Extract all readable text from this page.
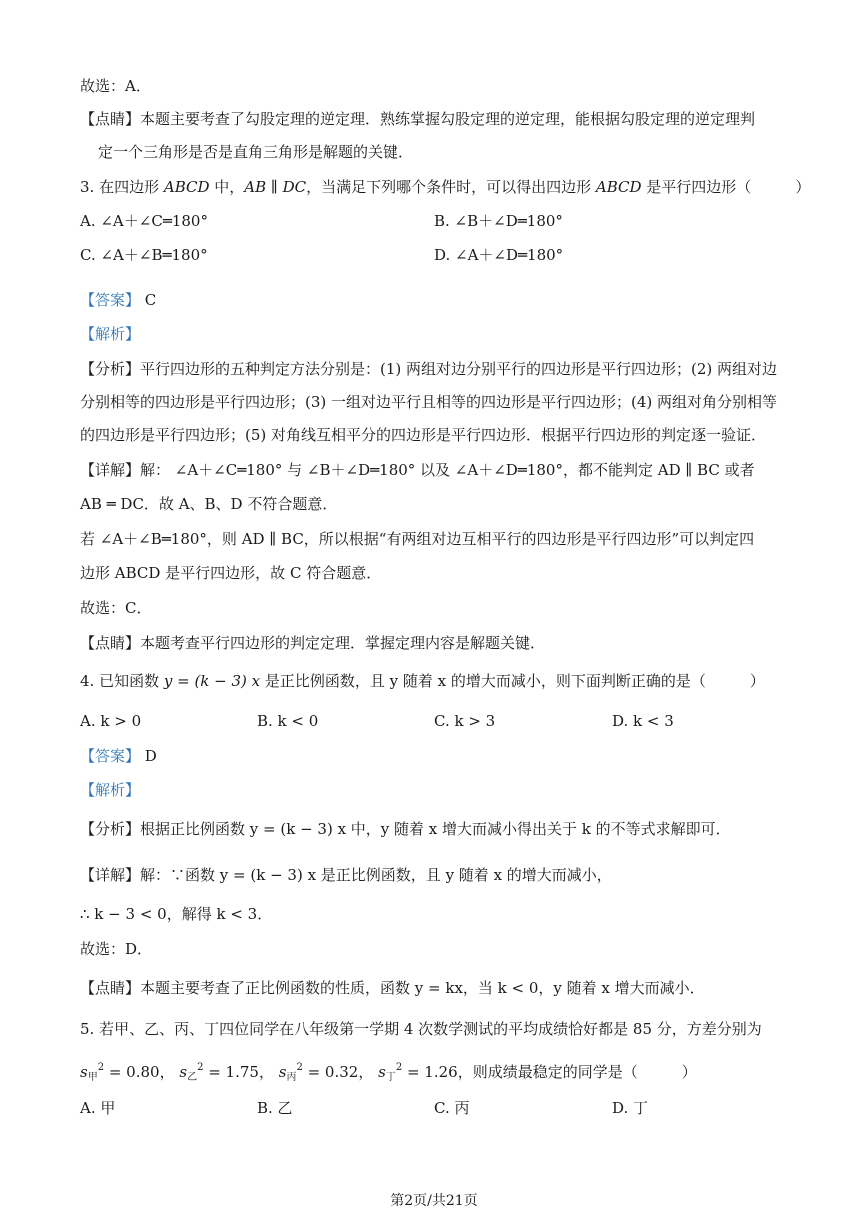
故选：A．
【点睛】本题主要考查了勾股定理的逆定理．熟练掌握勾股定理的逆定理，能根据勾股定理的逆定理判
定一个三角形是否是直角三角形是解题的关键．
3. 在四边形 ABCD 中，AB ∥ DC，当满足下列哪个条件时，可以得出四边形 ABCD 是平行四边形（	）
A. ∠A＋∠C═180°	B. ∠B＋∠D═180°
C. ∠A＋∠B═180°	D. ∠A＋∠D═180°
【答案】 C
【解析】
【分析】平行四边形的五种判定方法分别是：(1) 两组对边分别平行的四边形是平行四边形；(2) 两组对边
分别相等的四边形是平行四边形；(3) 一组对边平行且相等的四边形是平行四边形；(4) 两组对角分别相等
的四边形是平行四边形；(5) 对角线互相平分的四边形是平行四边形．根据平行四边形的判定逐一验证．
【详解】解： ∠A＋∠C═180° 与 ∠B＋∠D═180° 以及 ∠A＋∠D═180°，都不能判定 AD ∥ BC 或者
AB ═ DC．故 A、B、D 不符合题意．
若 ∠A＋∠B═180°，则 AD ∥ BC，所以根据“有两组对边互相平行的四边形是平行四边形”可以判定四
边形 ABCD 是平行四边形，故 C 符合题意．
故选：C．
【点睛】本题考查平行四边形的判定定理．掌握定理内容是解题关键．
4. 已知函数 y = (k − 3) x 是正比例函数，且 y 随着 x 的增大而减小，则下面判断正确的是（	）
A. k > 0	B. k < 0	C. k > 3	D. k < 3
【答案】 D
【解析】
【分析】根据正比例函数 y = (k − 3) x 中，y 随着 x 增大而减小得出关于 k 的不等式求解即可．
【详解】解：∵函数 y = (k − 3) x 是正比例函数，且 y 随着 x 的增大而减小，
∴ k − 3 < 0，解得 k < 3．
故选：D．
【点睛】本题主要考查了正比例函数的性质，函数 y = kx，当 k < 0，y 随着 x 增大而减小．
5. 若甲、乙、丙、丁四位同学在八年级第一学期 4 次数学测试的平均成绩恰好都是 85 分，方差分别为
$s_甲^2 = 0.80$， $s_乙^2 = 1.75$， $s_丙^2 = 0.32$， $s_丁^2 = 1.26$，则成绩最稳定的同学是（	）
A. 甲	B. 乙	C. 丙	D. 丁
第2页/共21页
